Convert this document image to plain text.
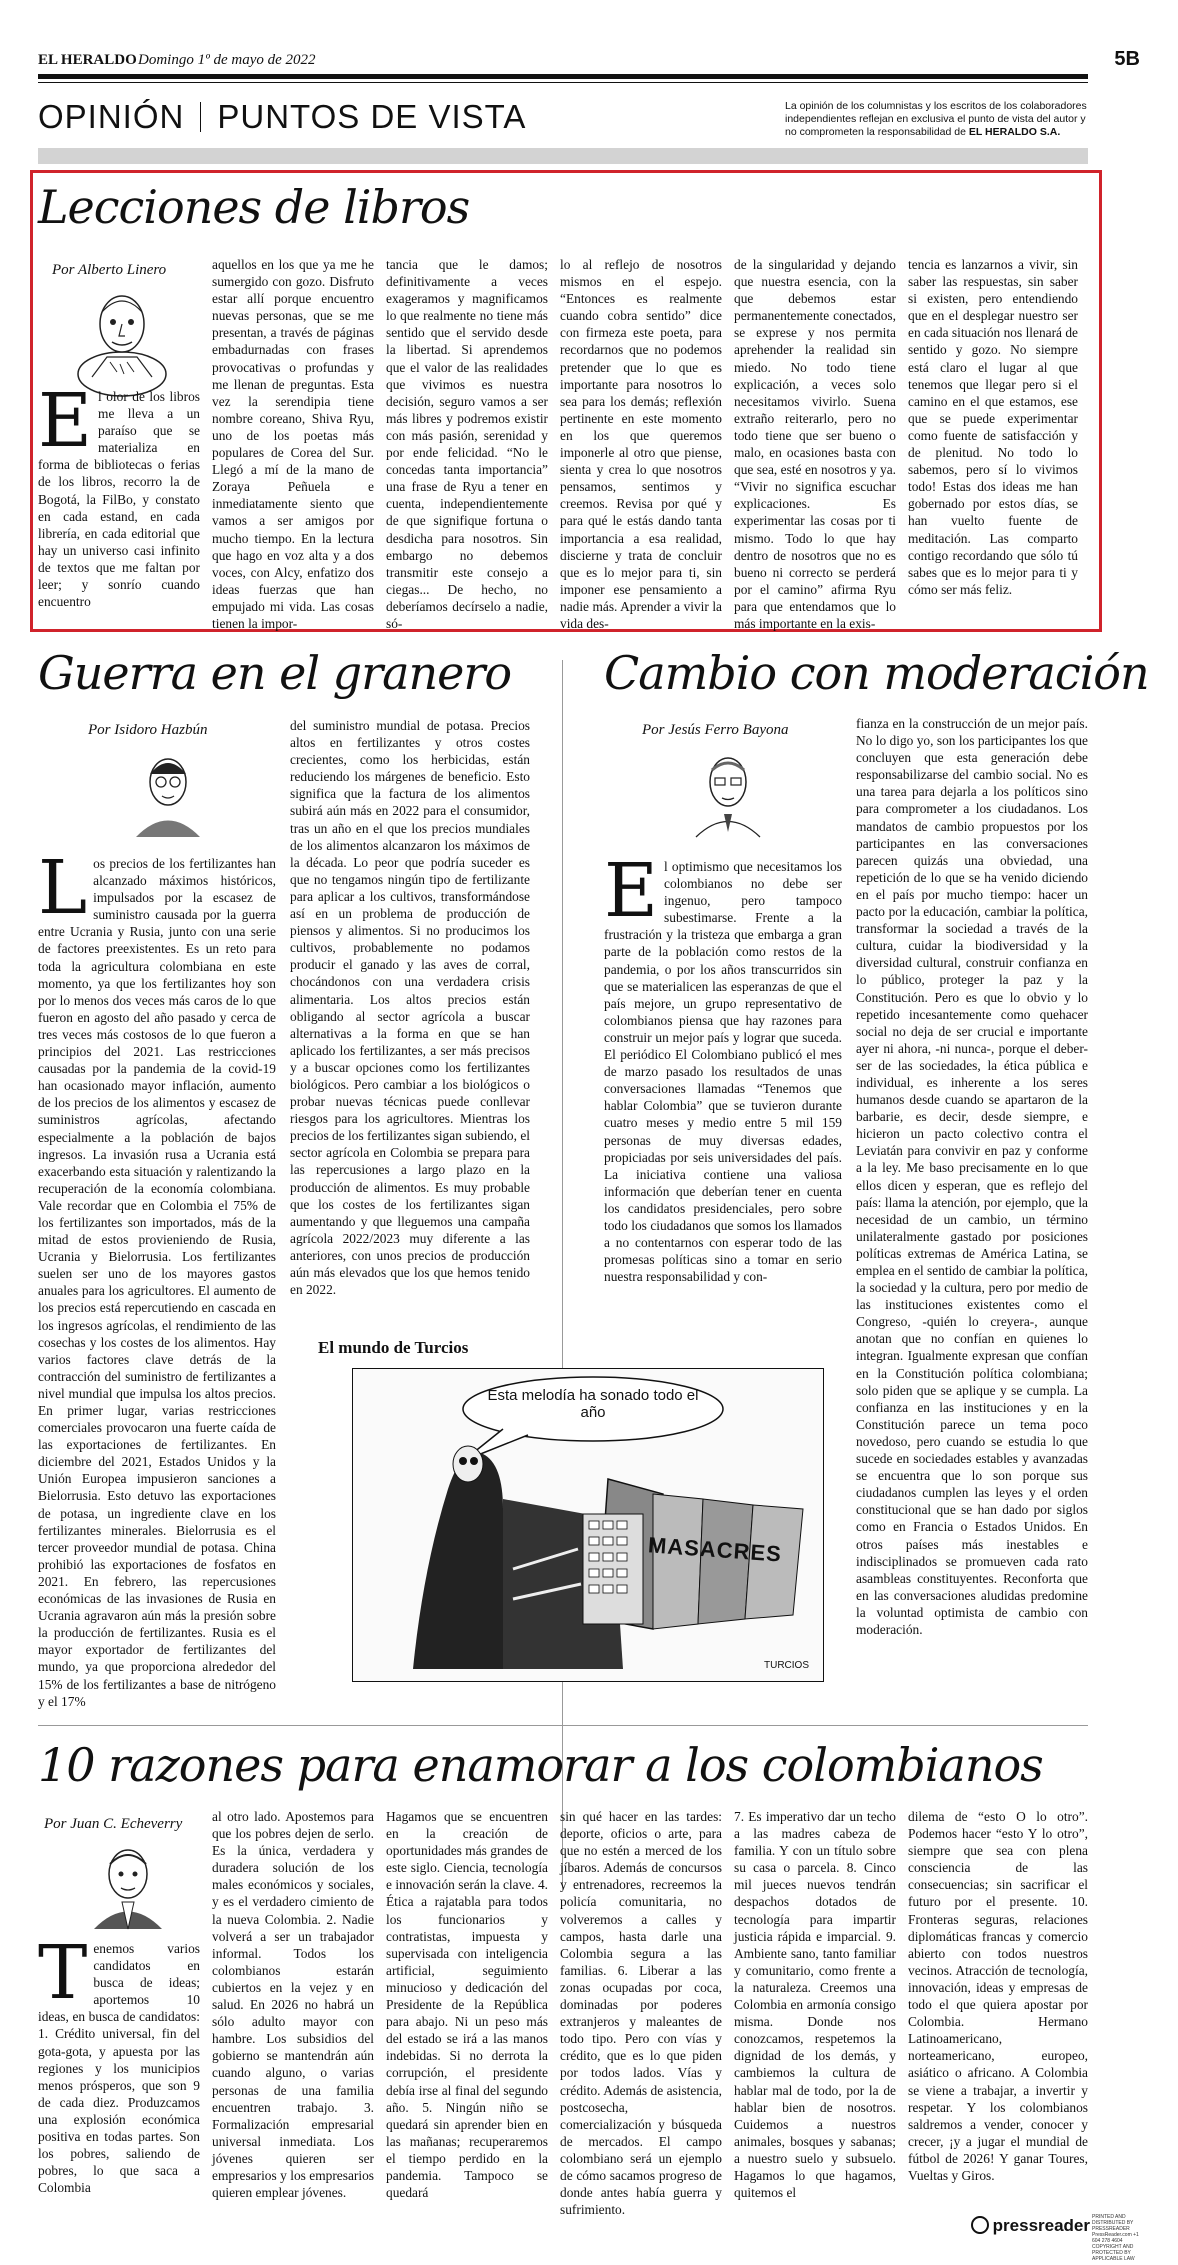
EL HERALDO Domingo 1º de mayo de 2022	5B
OPINIÓN PUNTOS DE VISTA	La opinión de los columnistas y los escritos de los colaboradores independientes reflejan en exclusiva el punto de vista del autor y no comprometen la responsabilidad de EL HERALDO S.A.
Lecciones de libros
Por Alberto Linero
El olor de los libros me lleva a un paraíso que se materializa en forma de bibliotecas o ferias de los libros, recorro la de Bogotá, la FilBo, y constato en cada estand, en cada librería, en cada editorial que hay un universo casi infinito de textos que me faltan por leer; y sonrío cuando encuentro
aquellos en los que ya me he sumergido con gozo. Disfruto estar allí porque encuentro nuevas personas, que se me presentan, a través de páginas embadurnadas con frases provocativas o profundas y me llenan de preguntas. Esta vez la serendipia tiene nombre coreano, Shiva Ryu, uno de los poetas más populares de Corea del Sur. Llegó a mí de la mano de Zoraya Peñuela e inmediatamente siento que vamos a ser amigos por mucho tiempo. En la lectura que hago en voz alta y a dos voces, con Alcy, enfatizo dos ideas fuerzas que han empujado mi vida. Las cosas tienen la impor-
tancia que le damos; definitivamente a veces exageramos y magnificamos lo que realmente no tiene más sentido que el servido desde la libertad. Si aprendemos que el valor de las realidades que vivimos es nuestra decisión, seguro vamos a ser más libres y podremos existir con más pasión, serenidad y por ende felicidad. “No le concedas tanta importancia” una frase de Ryu a tener en cuenta, independientemente de que signifique fortuna o desdicha para nosotros. Sin embargo no debemos transmitir este consejo a ciegas... De hecho, no deberíamos decírselo a nadie, só-
lo al reflejo de nosotros mismos en el espejo. “Entonces es realmente cuando cobra sentido” dice con firmeza este poeta, para recordarnos que no podemos pretender que lo que es importante para nosotros lo sea para los demás; reflexión pertinente en este momento en los que queremos imponerle al otro que piense, sienta y crea lo que nosotros pensamos, sentimos y creemos. Revisa por qué y para qué le estás dando tanta importancia a esa realidad, discierne y trata de concluir que es lo mejor para ti, sin imponer ese pensamiento a nadie más. Aprender a vivir la vida des-
de la singularidad y dejando que nuestra esencia, con la que debemos estar permanentemente conectados, se exprese y nos permita aprehender la realidad sin miedo. No todo tiene explicación, a veces solo necesitamos vivirlo. Suena extraño reiterarlo, pero no todo tiene que ser bueno o malo, en ocasiones basta con que sea, esté en nosotros y ya. “Vivir no significa escuchar explicaciones. Es experimentar las cosas por ti mismo. Todo lo que hay dentro de nosotros que no es bueno ni correcto se perderá por el camino” afirma Ryu para que entendamos que lo más importante en la exis-
tencia es lanzarnos a vivir, sin saber las respuestas, sin saber si existen, pero entendiendo que en el desplegar nuestro ser en cada situación nos llenará de sentido y gozo. No siempre está claro el lugar al que tenemos que llegar pero si el camino en el que estamos, ese que se puede experimentar como fuente de satisfacción y de plenitud. No todo lo sabemos, pero sí lo vivimos todo! Estas dos ideas me han gobernado por estos días, se han vuelto fuente de meditación. Las comparto contigo recordando que sólo tú sabes que es lo mejor para ti y cómo ser más feliz.
Guerra en el granero
Por Isidoro Hazbún
Los precios de los fertilizantes han alcanzado máximos históricos, impulsados por la escasez de suministro causada por la guerra entre Ucrania y Rusia, junto con una serie de factores preexistentes. Es un reto para toda la agricultura colombiana en este momento, ya que los fertilizantes hoy son por lo menos dos veces más caros de lo que fueron en agosto del año pasado y cerca de tres veces más costosos de lo que fueron a principios del 2021. Las restricciones causadas por la pandemia de la covid-19 han ocasionado mayor inflación, aumento de los precios de los alimentos y escasez de suministros agrícolas, afectando especialmente a la población de bajos ingresos. La invasión rusa a Ucrania está exacerbando esta situación y ralentizando la recuperación de la economía colombiana. Vale recordar que en Colombia el 75% de los fertilizantes son importados, más de la mitad de estos provieniendo de Rusia, Ucrania y Bielorrusia. Los fertilizantes suelen ser uno de los mayores gastos anuales para los agricultores. El aumento de los precios está repercutiendo en cascada en los ingresos agrícolas, el rendimiento de las cosechas y los costes de los alimentos. Hay varios factores clave detrás de la contracción del suministro de fertilizantes a nivel mundial que impulsa los altos precios. En primer lugar, varias restricciones comerciales provocaron una fuerte caída de las exportaciones de fertilizantes. En diciembre del 2021, Estados Unidos y la Unión Europea impusieron sanciones a Bielorrusia. Esto detuvo las exportaciones de potasa, un ingrediente clave en los fertilizantes minerales. Bielorrusia es el tercer proveedor mundial de potasa. China prohibió las exportaciones de fosfatos en 2021. En febrero, las repercusiones económicas de las invasiones de Rusia en Ucrania agravaron aún más la presión sobre la producción de fertilizantes. Rusia es el mayor exportador de fertilizantes del mundo, ya que proporciona alrededor del 15% de los fertilizantes a base de nitrógeno y el 17%
del suministro mundial de potasa. Precios altos en fertilizantes y otros costes crecientes, como los herbicidas, están reduciendo los márgenes de beneficio. Esto significa que la factura de los alimentos subirá aún más en 2022 para el consumidor, tras un año en el que los precios mundiales de los alimentos alcanzaron los máximos de la década. Lo peor que podría suceder es que no tengamos ningún tipo de fertilizante para aplicar a los cultivos, transformándose así en un problema de producción de piensos y alimentos. Si no producimos los cultivos, probablemente no podamos producir el ganado y las aves de corral, chocándonos con una verdadera crisis alimentaria. Los altos precios están obligando al sector agrícola a buscar alternativas a la forma en que se han aplicado los fertilizantes, a ser más precisos y a buscar opciones como los fertilizantes biológicos. Pero cambiar a los biológicos o probar nuevas técnicas puede conllevar riesgos para los agricultores. Mientras los precios de los fertilizantes sigan subiendo, el sector agrícola en Colombia se prepara para las repercusiones a largo plazo en la producción de alimentos. Es muy probable que los costes de los fertilizantes sigan aumentando y que lleguemos una campaña agrícola 2022/2023 muy diferente a las anteriores, con unos precios de producción aún más elevados que los que hemos tenido en 2022.
Cambio con moderación
Por Jesús Ferro Bayona
El optimismo que necesitamos los colombianos no debe ser ingenuo, pero tampoco subestimarse. Frente a la frustración y la tristeza que embarga a gran parte de la población como restos de la pandemia, o por los años transcurridos sin que se materialicen las esperanzas de que el país mejore, un grupo representativo de colombianos piensa que hay razones para construir un mejor país y lograr que suceda. El periódico El Colombiano publicó el mes de marzo pasado los resultados de unas conversaciones llamadas “Tenemos que hablar Colombia” que se tuvieron durante cuatro meses y medio entre 5 mil 159 personas de muy diversas edades, propiciadas por seis universidades del país. La iniciativa contiene una valiosa información que deberían tener en cuenta los candidatos presidenciales, pero sobre todo los ciudadanos que somos los llamados a no contentarnos con esperar todo de las promesas políticas sino a tomar en serio nuestra responsabilidad y con-
fianza en la construcción de un mejor país. No lo digo yo, son los participantes los que concluyen que esta generación debe responsabilizarse del cambio social. No es una tarea para dejarla a los políticos sino para comprometer a los ciudadanos. Los mandatos de cambio propuestos por los participantes en las conversaciones parecen quizás una obviedad, una repetición de lo que se ha venido diciendo en el país por mucho tiempo: hacer un pacto por la educación, cambiar la política, transformar la sociedad a través de la cultura, cuidar la biodiversidad y la diversidad cultural, construir confianza en lo público, proteger la paz y la Constitución. Pero es que lo obvio y lo repetido incesantemente como quehacer social no deja de ser crucial e importante ayer ni ahora, -ni nunca-, porque el deber-ser de las sociedades, la ética pública e individual, es inherente a los seres humanos desde cuando se apartaron de la barbarie, es decir, desde siempre, e hicieron un pacto colectivo contra el Leviatán para convivir en paz y conforme a la ley. Me baso precisamente en lo que ellos dicen y esperan, que es reflejo del país: llama la atención, por ejemplo, que la necesidad de un cambio, un término unilateralmente gastado por posiciones políticas extremas de América Latina, se emplea en el sentido de cambiar la política, la sociedad y la cultura, pero por medio de las instituciones existentes como el Congreso, -quién lo creyera-, aunque anotan que no confían en quienes lo integran. Igualmente expresan que confían en la Constitución política colombiana; solo piden que se aplique y se cumpla. La confianza en las instituciones y en la Constitución parece un tema poco novedoso, pero cuando se estudia lo que sucede en sociedades estables y avanzadas se encuentra que lo son porque sus ciudadanos cumplen las leyes y el orden constitucional que se han dado por siglos como en Francia o Estados Unidos. En otros países más inestables e indisciplinados se promueven cada rato asambleas constituyentes. Reconforta que en las conversaciones aludidas predomine la voluntad optimista de cambio con moderación.
El mundo de Turcios
Esta melodía ha sonado todo el año
MASACRES
TURCIOS
10 razones para enamorar a los colombianos
Por Juan C. Echeverry
Tenemos varios candidatos en busca de ideas; aportemos 10 ideas, en busca de candidatos: 1. Crédito universal, fin del gota-gota, y apuesta por las regiones y los municipios menos prósperos, que son 9 de cada diez. Produzcamos una explosión económica positiva en todas partes. Son los pobres, saliendo de pobres, lo que saca a Colombia
al otro lado. Apostemos para que los pobres dejen de serlo. Es la única, verdadera y duradera solución de los males económicos y sociales, y es el verdadero cimiento de la nueva Colombia. 2. Nadie volverá a ser un trabajador informal. Todos los colombianos estarán cubiertos en la vejez y en salud. En 2026 no habrá un sólo adulto mayor con hambre. Los subsidios del gobierno se mantendrán aún cuando alguno, o varias personas de una familia encuentren trabajo. 3. Formalización empresarial universal inmediata. Los jóvenes quieren ser empresarios y los empresarios quieren emplear jóvenes.
Hagamos que se encuentren en la creación de oportunidades más grandes de este siglo. Ciencia, tecnología e innovación serán la clave. 4. Ética a rajatabla para todos los funcionarios y contratistas, impuesta y supervisada con inteligencia artificial, seguimiento minucioso y dedicación del Presidente de la República para abajo. Ni un peso más del estado se irá a las manos indebidas. Si no derrota la corrupción, el presidente debía irse al final del segundo año. 5. Ningún niño se quedará sin aprender bien en las mañanas; recuperaremos el tiempo perdido en la pandemia. Tampoco se quedará
sin qué hacer en las tardes: deporte, oficios o arte, para que no estén a merced de los jíbaros. Además de concursos y entrenadores, recreemos la policía comunitaria, no volveremos a calles y campos, hasta darle una Colombia segura a las familias. 6. Liberar a las zonas ocupadas por coca, dominadas por poderes extranjeros y maleantes de todo tipo. Pero con vías y crédito, que es lo que piden por todos lados. Vías y crédito. Además de asistencia, postcosecha, comercialización y búsqueda de mercados. El campo colombiano será un ejemplo de cómo sacamos progreso de donde antes había guerra y sufrimiento.
7. Es imperativo dar un techo a las madres cabeza de familia. Y con un título sobre su casa o parcela. 8. Cinco mil jueces nuevos tendrán despachos dotados de tecnología para impartir justicia rápida e imparcial. 9. Ambiente sano, tanto familiar y comunitario, como frente a la naturaleza. Creemos una Colombia en armonía consigo misma. Donde nos conozcamos, respetemos la dignidad de los demás, y cambiemos la cultura de hablar mal de todo, por la de hablar bien de nosotros. Cuidemos a nuestros animales, bosques y sabanas; a nuestro suelo y subsuelo. Hagamos lo que hagamos, quitemos el
dilema de “esto O lo otro”. Podemos hacer “esto Y lo otro”, siempre que sea con plena consciencia de las consecuencias; sin sacrificar el futuro por el presente. 10. Fronteras seguras, relaciones diplomáticas francas y comercio abierto con todos nuestros vecinos. Atracción de tecnología, innovación, ideas y empresas de todo el que quiera apostar por Colombia. Hermano Latinoamericano, norteamericano, europeo, asiático o africano. A Colombia se viene a trabajar, a invertir y respetar. Y los colombianos saldremos a vender, conocer y crecer, ¡y a jugar el mundial de fútbol de 2026! Y ganar Toures, Vueltas y Giros.
pressreader PRINTED AND DISTRIBUTED BY PRESSREADER
PressReader.com +1 604 278 4604
COPYRIGHT AND PROTECTED BY APPLICABLE LAW
